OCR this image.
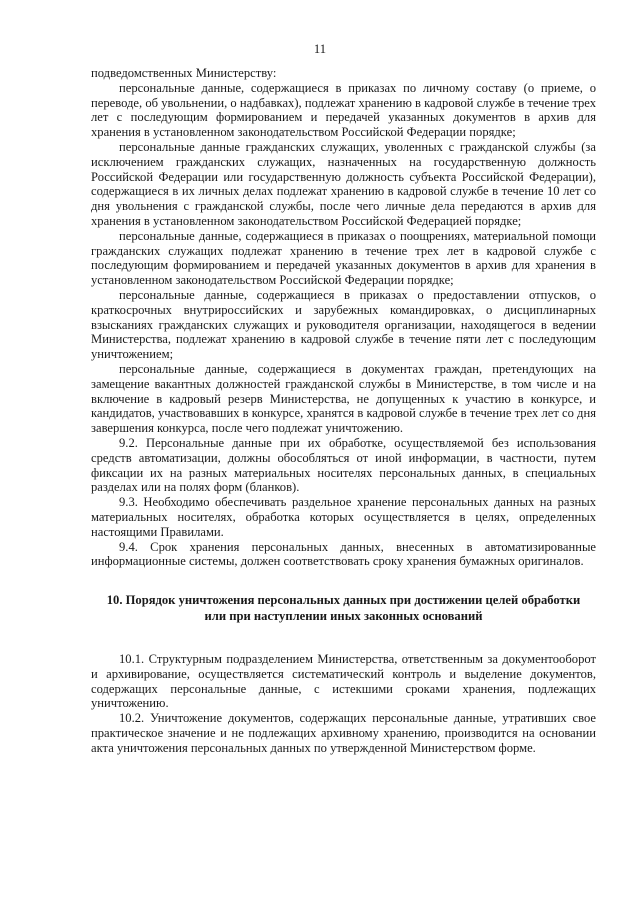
11

подведомственных Министерству:

персональные данные, содержащиеся в приказах по личному составу (о приеме, о переводе, об увольнении, о надбавках), подлежат хранению в кадровой службе в течение трех лет с последующим формированием и передачей указанных документов в архив для хранения в установленном законодательством Российской Федерации порядке;

персональные данные гражданских служащих, уволенных с гражданской службы (за исключением гражданских служащих, назначенных на государственную должность Российской Федерации или государственную должность субъекта Российской Федерации), содержащиеся в их личных делах подлежат хранению в кадровой службе в течение 10 лет со дня увольнения с гражданской службы, после чего личные дела передаются в архив для хранения в установленном законодательством Российской Федерацией порядке;

персональные данные, содержащиеся в приказах о поощрениях, материальной помощи гражданских служащих подлежат хранению в течение трех лет в кадровой службе с последующим формированием и передачей указанных документов в архив для хранения в установленном законодательством Российской Федерации порядке;

персональные данные, содержащиеся в приказах о предоставлении отпусков, о краткосрочных внутрироссийских и зарубежных командировках, о дисциплинарных взысканиях гражданских служащих и руководителя организации, находящегося в ведении Министерства, подлежат хранению в кадровой службе в течение пяти лет с последующим уничтожением;

персональные данные, содержащиеся в документах граждан, претендующих на замещение вакантных должностей гражданской службы в Министерстве, в том числе и на включение в кадровый резерв Министерства, не допущенных к участию в конкурсе, и кандидатов, участвовавших в конкурсе, хранятся в кадровой службе в течение трех лет со дня завершения конкурса, после чего подлежат уничтожению.

9.2. Персональные данные при их обработке, осуществляемой без использования средств автоматизации, должны обособляться от иной информации, в частности, путем фиксации их на разных материальных носителях персональных данных, в специальных разделах или на полях форм (бланков).

9.3. Необходимо обеспечивать раздельное хранение персональных данных на разных материальных носителях, обработка которых осуществляется в целях, определенных настоящими Правилами.

9.4. Срок хранения персональных данных, внесенных в автоматизированные информационные системы, должен соответствовать сроку хранения бумажных оригиналов.

10. Порядок уничтожения персональных данных при достижении целей обработки
или при наступлении иных законных оснований

10.1. Структурным подразделением Министерства, ответственным за документооборот и архивирование, осуществляется систематический контроль и выделение документов, содержащих персональные данные, с истекшими сроками хранения, подлежащих уничтожению.

10.2. Уничтожение документов, содержащих персональные данные, утративших свое практическое значение и не подлежащих архивному хранению, производится на основании акта уничтожения персональных данных по утвержденной Министерством форме.
